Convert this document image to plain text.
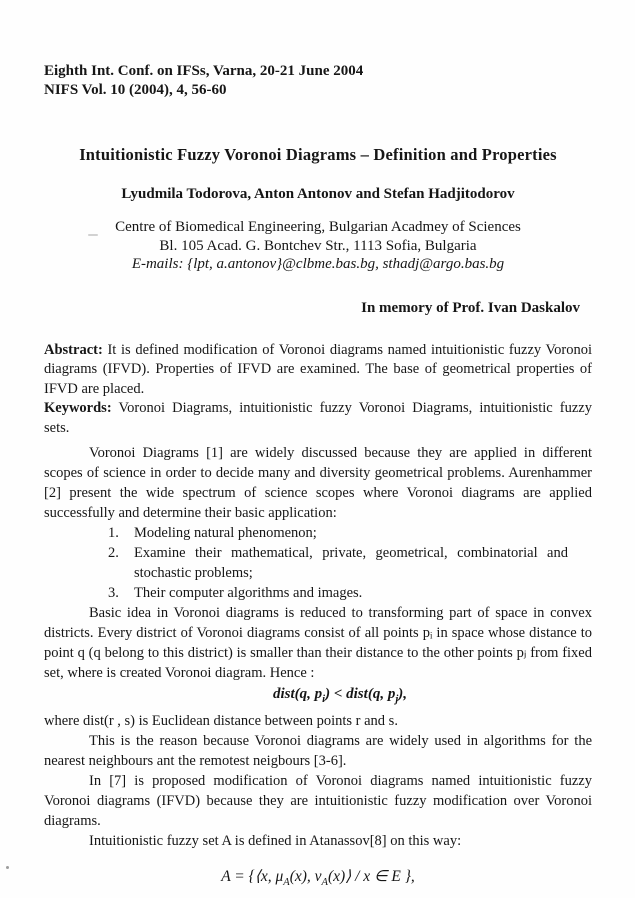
Eighth Int. Conf. on IFSs, Varna, 20-21 June 2004
NIFS Vol. 10 (2004), 4, 56-60
Intuitionistic Fuzzy Voronoi Diagrams – Definition and Properties
Lyudmila Todorova, Anton Antonov and Stefan Hadjitodorov
Centre of Biomedical Engineering, Bulgarian Acadmey of Sciences
Bl. 105 Acad. G. Bontchev Str., 1113 Sofia, Bulgaria
E-mails: {lpt, a.antonov}@clbme.bas.bg, sthadj@argo.bas.bg
In memory of Prof. Ivan Daskalov

Abstract: It is defined modification of Voronoi diagrams named intuitionistic fuzzy Voronoi diagrams (IFVD). Properties of IFVD are examined. The base of geometrical properties of IFVD are placed.

Keywords: Voronoi Diagrams, intuitionistic fuzzy Voronoi Diagrams, intuitionistic fuzzy sets.

Voronoi Diagrams [1] are widely discussed because they are applied in different scopes of science in order to decide many and diversity geometrical problems. Aurenhammer [2] present the wide spectrum of science scopes where Voronoi diagrams are applied successfully and determine their basic application:

1.	Modeling natural phenomenon;
2.	Examine their mathematical, private, geometrical, combinatorial and stochastic problems;
3.	Their computer algorithms and images.

Basic idea in Voronoi diagrams is reduced to transforming part of space in convex districts. Every district of Voronoi diagrams consist of all points pᵢ in space whose distance to point q (q belong to this district) is smaller than their distance to the other points pⱼ from fixed set, where is created Voronoi diagram. Hence :

dist(q, $p_i$) < dist(q, $p_j$),

where dist(r , s) is Euclidean distance between points r and s.

This is the reason because Voronoi diagrams are widely used in algorithms for the nearest neighbours ant the remotest neigbours [3-6].

In [7] is proposed modification of Voronoi diagrams named intuitionistic fuzzy Voronoi diagrams (IFVD) because they are intuitionistic fuzzy modification over Voronoi diagrams.

Intuitionistic fuzzy set A is defined in Atanassov[8] on this way:

A = {⟨x, $\mu_A(x)$, $\nu_A(x)⟩$ / x ∈ E },
